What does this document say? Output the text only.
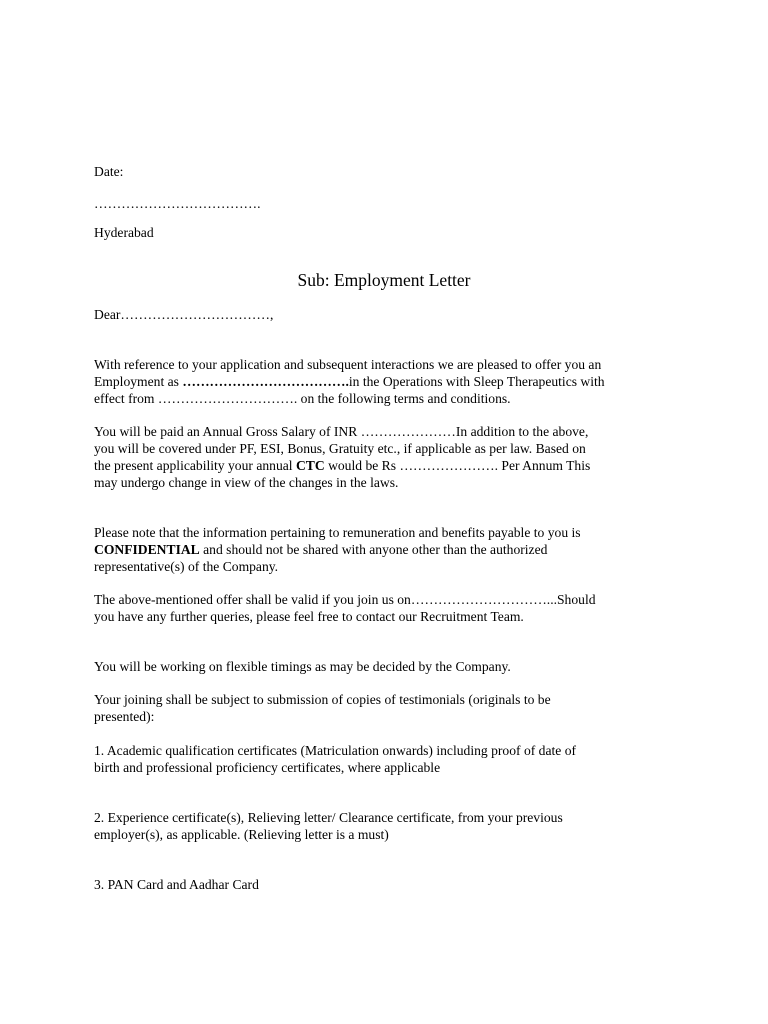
Date:

……………………………….

Hyderabad

Sub: Employment Letter

Dear……………………………,

With reference to your application and subsequent interactions we are pleased to offer you an

Employment as ……………………………….in the Operations with Sleep Therapeutics with

effect from …………………………. on the following terms and conditions.

You will be paid an Annual Gross Salary of INR …………………In addition to the above,

you will be covered under PF, ESI, Bonus, Gratuity etc., if applicable as per law. Based on

the present applicability your annual CTC would be Rs …………………. Per Annum This

may undergo change in view of the changes in the laws.

Please note that the information pertaining to remuneration and benefits payable to you is

CONFIDENTIAL and should not be shared with anyone other than the authorized

representative(s) of the Company.

The above-mentioned offer shall be valid if you join us on…………………………...Should

you have any further queries, please feel free to contact our Recruitment Team.

You will be working on flexible timings as may be decided by the Company.

Your joining shall be subject to submission of copies of testimonials (originals to be

presented):

1. Academic qualification certificates (Matriculation onwards) including proof of date of

birth and professional proficiency certificates, where applicable

2. Experience certificate(s), Relieving letter/ Clearance certificate, from your previous

employer(s), as applicable. (Relieving letter is a must)

3. PAN Card and Aadhar Card
